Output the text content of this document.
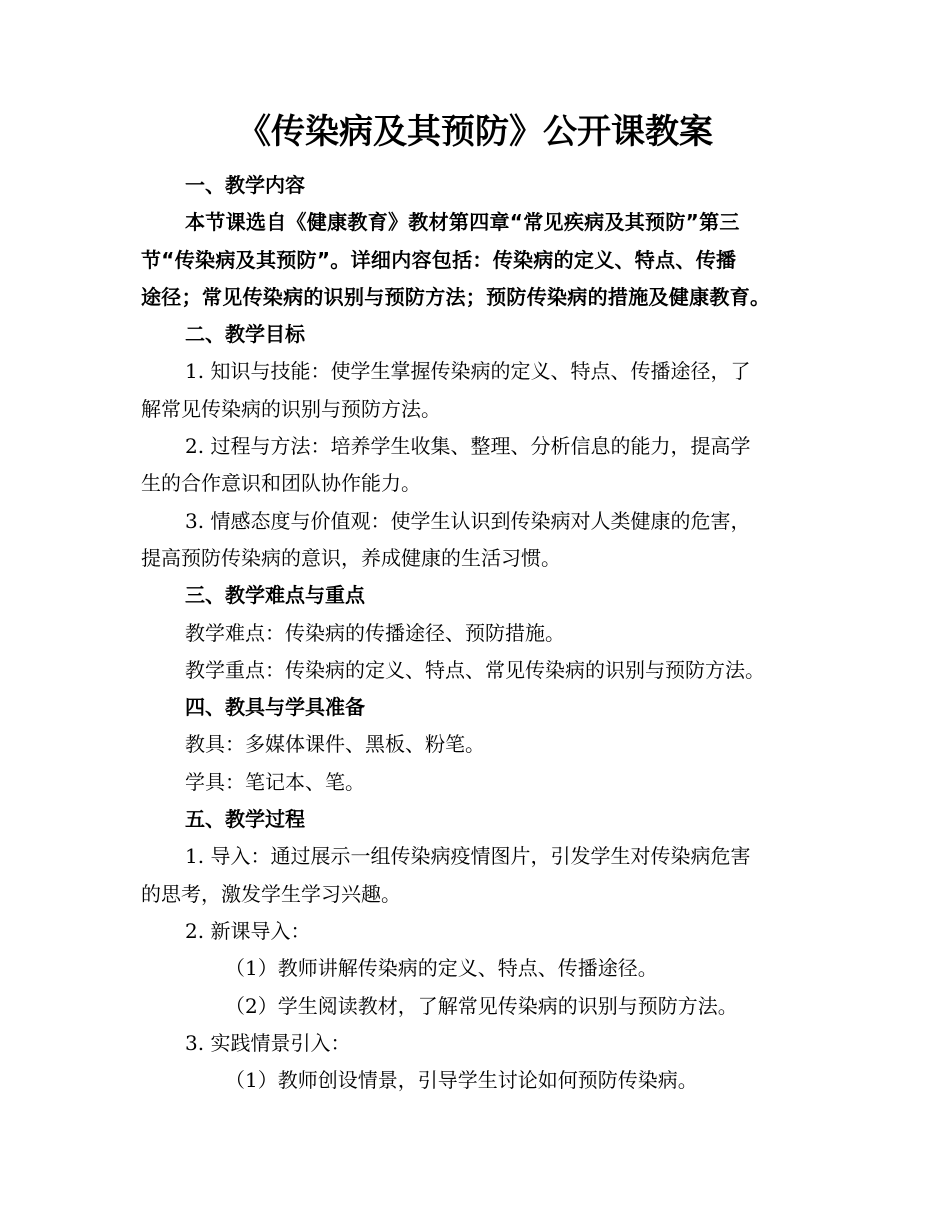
《传染病及其预防》公开课教案
一、教学内容
本节课选自《健康教育》教材第四章“常见疾病及其预防”第三
节“传染病及其预防”。详细内容包括：传染病的定义、特点、传播
途径；常见传染病的识别与预防方法；预防传染病的措施及健康教育。
二、教学目标
1. 知识与技能：使学生掌握传染病的定义、特点、传播途径，了
解常见传染病的识别与预防方法。
2. 过程与方法：培养学生收集、整理、分析信息的能力，提高学
生的合作意识和团队协作能力。
3. 情感态度与价值观：使学生认识到传染病对人类健康的危害，
提高预防传染病的意识，养成健康的生活习惯。
三、教学难点与重点
教学难点：传染病的传播途径、预防措施。
教学重点：传染病的定义、特点、常见传染病的识别与预防方法。
四、教具与学具准备
教具：多媒体课件、黑板、粉笔。
学具：笔记本、笔。
五、教学过程
1. 导入：通过展示一组传染病疫情图片，引发学生对传染病危害
的思考，激发学生学习兴趣。
2. 新课导入：
（1）教师讲解传染病的定义、特点、传播途径。
（2）学生阅读教材，了解常见传染病的识别与预防方法。
3. 实践情景引入：
（1）教师创设情景，引导学生讨论如何预防传染病。
